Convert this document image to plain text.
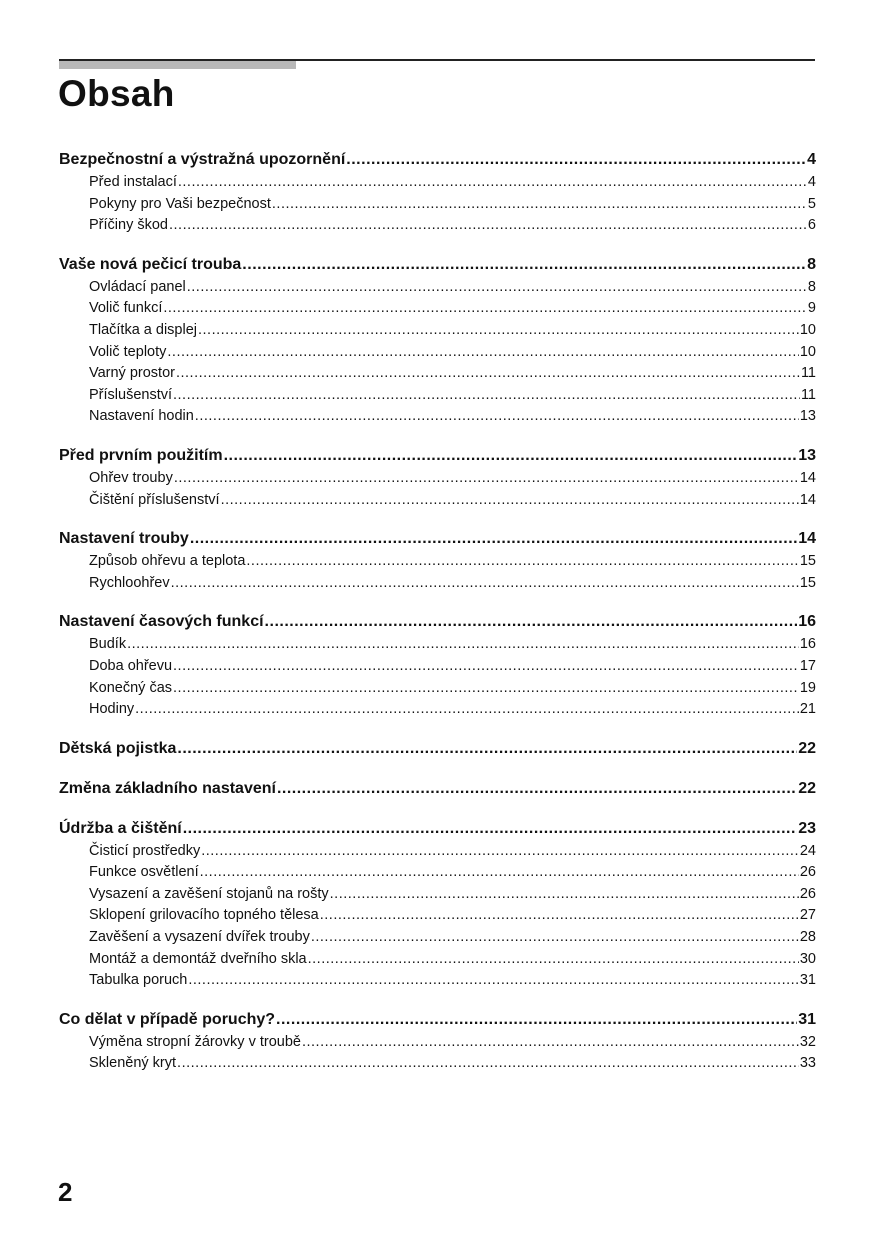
Obsah
Bezpečnostní a výstražná upozornění .....	4
Před instalací .....	4
Pokyny pro Vaši bezpečnost .....	5
Příčiny škod .....	6
Vaše nová pečicí trouba .....	8
Ovládací panel .....	8
Volič funkcí .....	9
Tlačítka a displej .....	10
Volič teploty .....	10
Varný prostor .....	11
Příslušenství .....	11
Nastavení hodin .....	13
Před prvním použitím .....	13
Ohřev trouby .....	14
Čištění příslušenství .....	14
Nastavení trouby .....	14
Způsob ohřevu a teplota .....	15
Rychloohřev .....	15
Nastavení časových funkcí .....	16
Budík .....	16
Doba ohřevu .....	17
Konečný čas .....	19
Hodiny .....	21
Dětská pojistka .....	22
Změna základního nastavení .....	22
Údržba a čištění .....	23
Čisticí prostředky .....	24
Funkce osvětlení .....	26
Vysazení a zavěšení stojanů na rošty .....	26
Sklopení grilovacího topného tělesa .....	27
Zavěšení a vysazení dvířek trouby .....	28
Montáž a demontáž dveřního skla .....	30
Tabulka poruch .....	31
Co dělat v případě poruchy? .....	31
Výměna stropní žárovky v troubě .....	32
Skleněný kryt .....	33
2
